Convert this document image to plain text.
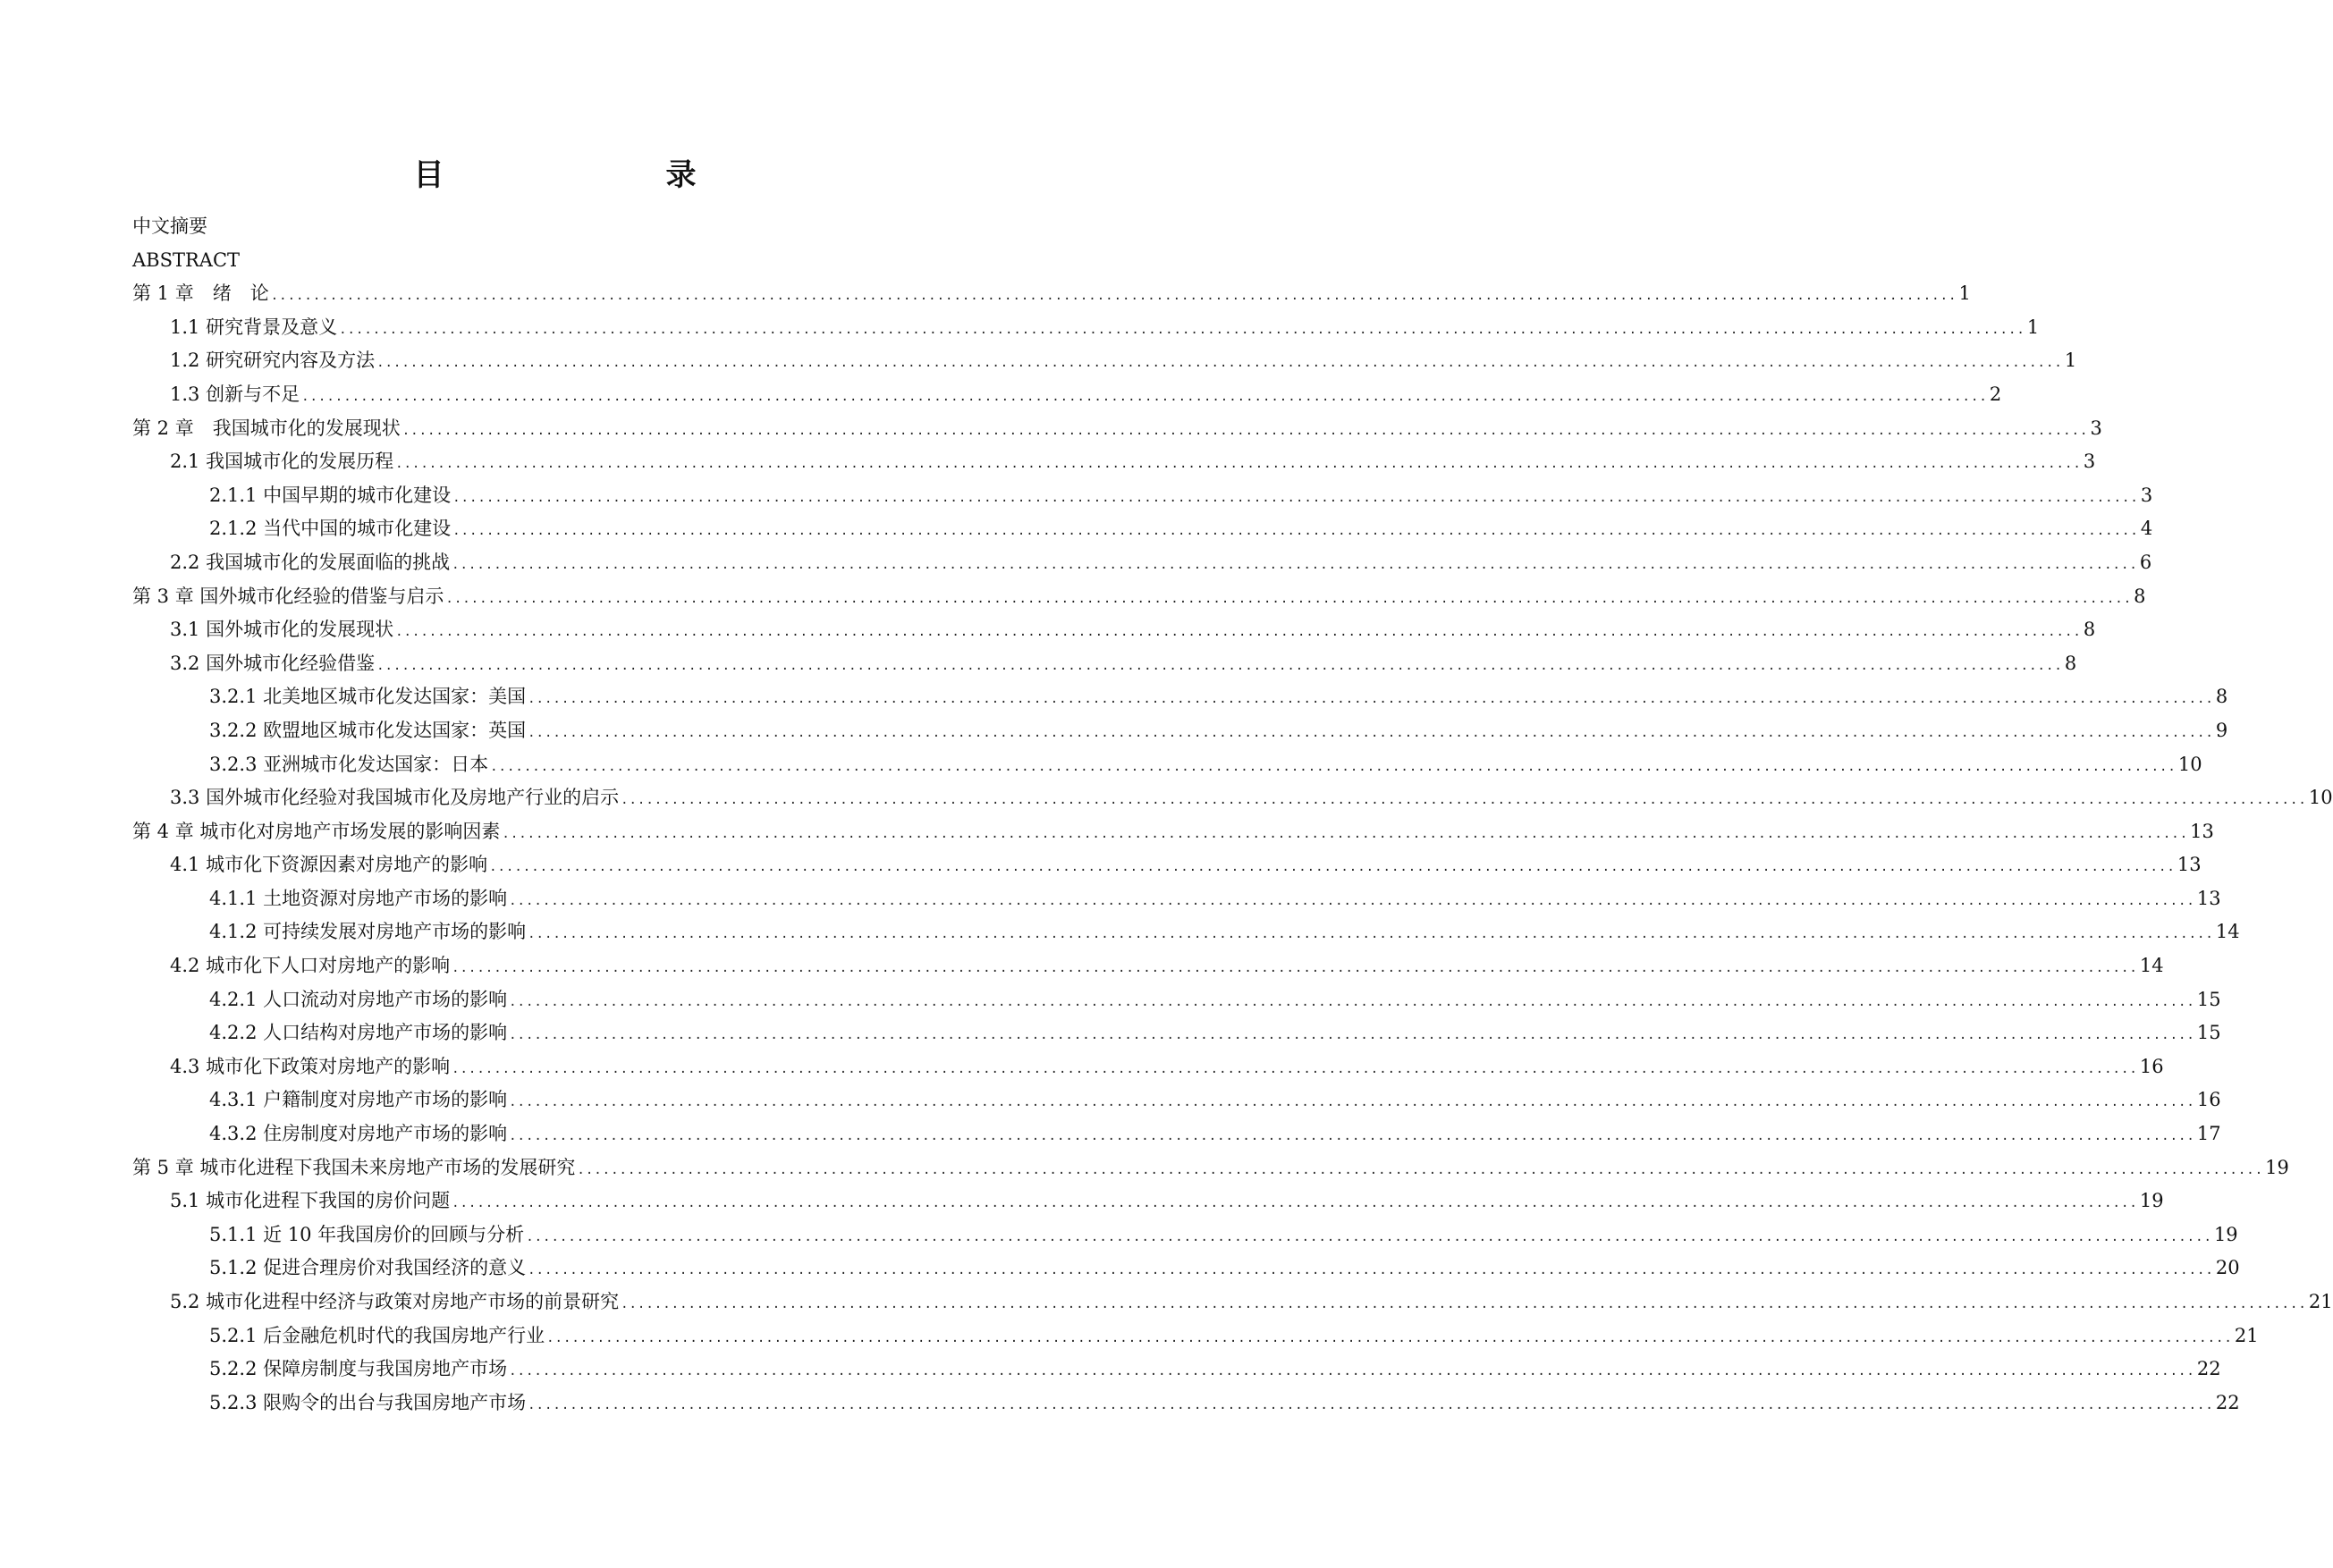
目　　录
中文摘要
ABSTRACT
第 1 章　绪　论 ........................................................................................................................................................................................................ 1
1.1 研究背景及意义 ........................................................................................................................................................................................................ 1
1.2 研究研究内容及方法 ........................................................................................................................................................................................................ 1
1.3 创新与不足 ........................................................................................................................................................................................................ 2
第 2 章　我国城市化的发展现状 ........................................................................................................................................................................................................ 3
2.1 我国城市化的发展历程 ........................................................................................................................................................................................................ 3
2.1.1 中国早期的城市化建设 ........................................................................................................................................................................................................ 3
2.1.2 当代中国的城市化建设 ........................................................................................................................................................................................................ 4
2.2 我国城市化的发展面临的挑战 ........................................................................................................................................................................................................ 6
第 3 章 国外城市化经验的借鉴与启示 ........................................................................................................................................................................................................ 8
3.1 国外城市化的发展现状 ........................................................................................................................................................................................................ 8
3.2 国外城市化经验借鉴 ........................................................................................................................................................................................................ 8
3.2.1 北美地区城市化发达国家：美国 ........................................................................................................................................................................................................ 8
3.2.2 欧盟地区城市化发达国家：英国 ........................................................................................................................................................................................................ 9
3.2.3 亚洲城市化发达国家：日本 ........................................................................................................................................................................................................ 10
3.3 国外城市化经验对我国城市化及房地产行业的启示 ........................................................................................................................................................................................................ 10
第 4 章 城市化对房地产市场发展的影响因素 ........................................................................................................................................................................................................ 13
4.1 城市化下资源因素对房地产的影响 ........................................................................................................................................................................................................ 13
4.1.1 土地资源对房地产市场的影响 ........................................................................................................................................................................................................ 13
4.1.2 可持续发展对房地产市场的影响 ........................................................................................................................................................................................................ 14
4.2 城市化下人口对房地产的影响 ........................................................................................................................................................................................................ 14
4.2.1 人口流动对房地产市场的影响 ........................................................................................................................................................................................................ 15
4.2.2 人口结构对房地产市场的影响 ........................................................................................................................................................................................................ 15
4.3 城市化下政策对房地产的影响 ........................................................................................................................................................................................................ 16
4.3.1 户籍制度对房地产市场的影响 ........................................................................................................................................................................................................ 16
4.3.2 住房制度对房地产市场的影响 ........................................................................................................................................................................................................ 17
第 5 章 城市化进程下我国未来房地产市场的发展研究 ........................................................................................................................................................................................................ 19
5.1 城市化进程下我国的房价问题 ........................................................................................................................................................................................................ 19
5.1.1 近 10 年我国房价的回顾与分析 ........................................................................................................................................................................................................ 19
5.1.2 促进合理房价对我国经济的意义 ........................................................................................................................................................................................................ 20
5.2 城市化进程中经济与政策对房地产市场的前景研究 ........................................................................................................................................................................................................ 21
5.2.1 后金融危机时代的我国房地产行业 ........................................................................................................................................................................................................ 21
5.2.2 保障房制度与我国房地产市场 ........................................................................................................................................................................................................ 22
5.2.3 限购令的出台与我国房地产市场 ........................................................................................................................................................................................................ 22
